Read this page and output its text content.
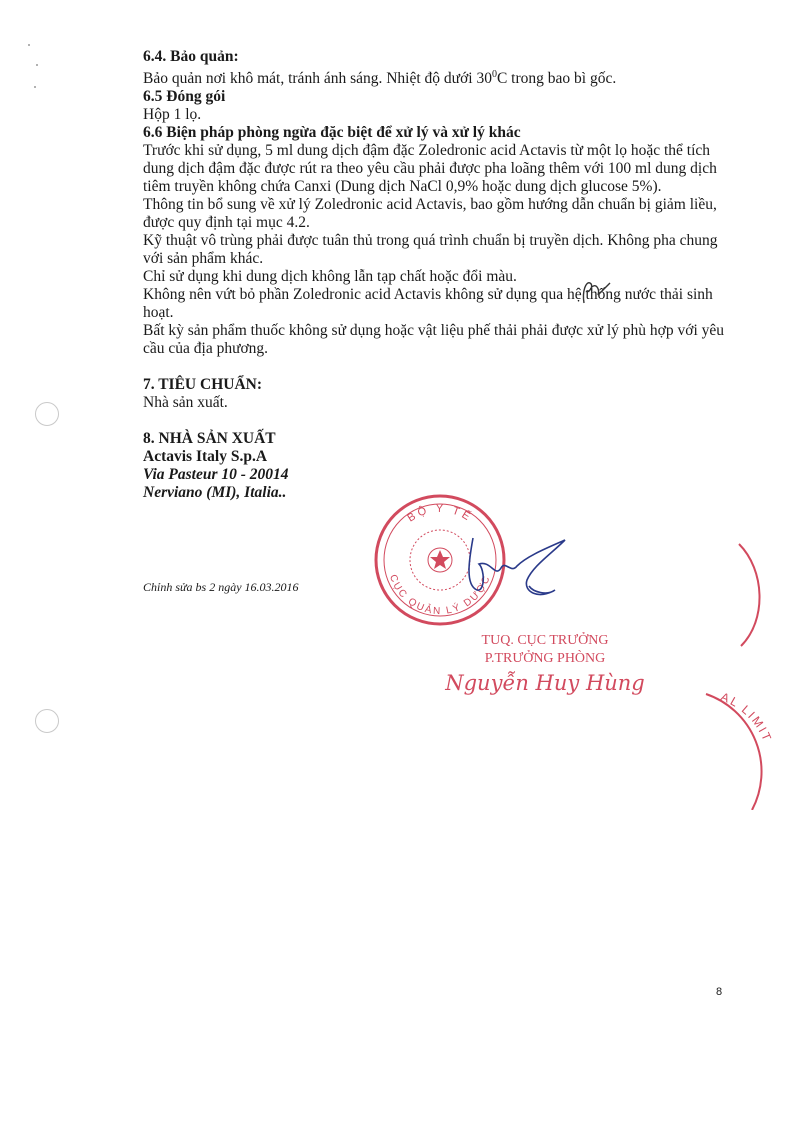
6.4. Bảo quản:

Bảo quản nơi khô mát, tránh ánh sáng. Nhiệt độ dưới $30^0C$ trong bao bì gốc.

6.5 Đóng gói

Hộp 1 lọ.

6.6 Biện pháp phòng ngừa đặc biệt để xử lý và xử lý khác

Trước khi sử dụng, 5 ml dung dịch đậm đặc Zoledronic acid Actavis từ một lọ hoặc thể tích dung dịch đậm đặc được rút ra theo yêu cầu phải được pha loãng thêm với 100 ml dung dịch tiêm truyền không chứa Canxi (Dung dịch NaCl 0,9% hoặc dung dịch glucose 5%).

Thông tin bổ sung về xử lý Zoledronic acid Actavis, bao gồm hướng dẫn chuẩn bị giảm liều, được quy định tại mục 4.2.

Kỹ thuật vô trùng phải được tuân thủ trong quá trình chuẩn bị truyền dịch. Không pha chung với sản phẩm khác.

Chỉ sử dụng khi dung dịch không lẫn tạp chất hoặc đổi màu.

Không nên vứt bỏ phần Zoledronic acid Actavis không sử dụng qua hệ thống nước thải sinh hoạt.

Bất kỳ sản phẩm thuốc không sử dụng hoặc vật liệu phế thải phải được xử lý phù hợp với yêu cầu của địa phương.

7. TIÊU CHUẨN:

Nhà sản xuất.

8. NHÀ SẢN XUẤT

Actavis Italy S.p.A

Via Pasteur 10 - 20014

Nerviano (MI), Italia..

Chỉnh sửa bs 2 ngày 16.03.2016
BỘ Y TẾ
CỤC QUẢN LÝ DƯỢC
TUQ. CỤC TRƯỞNG
P.TRƯỞNG PHÒNG
Nguyễn Huy Hùng
AL LIMIT
8
